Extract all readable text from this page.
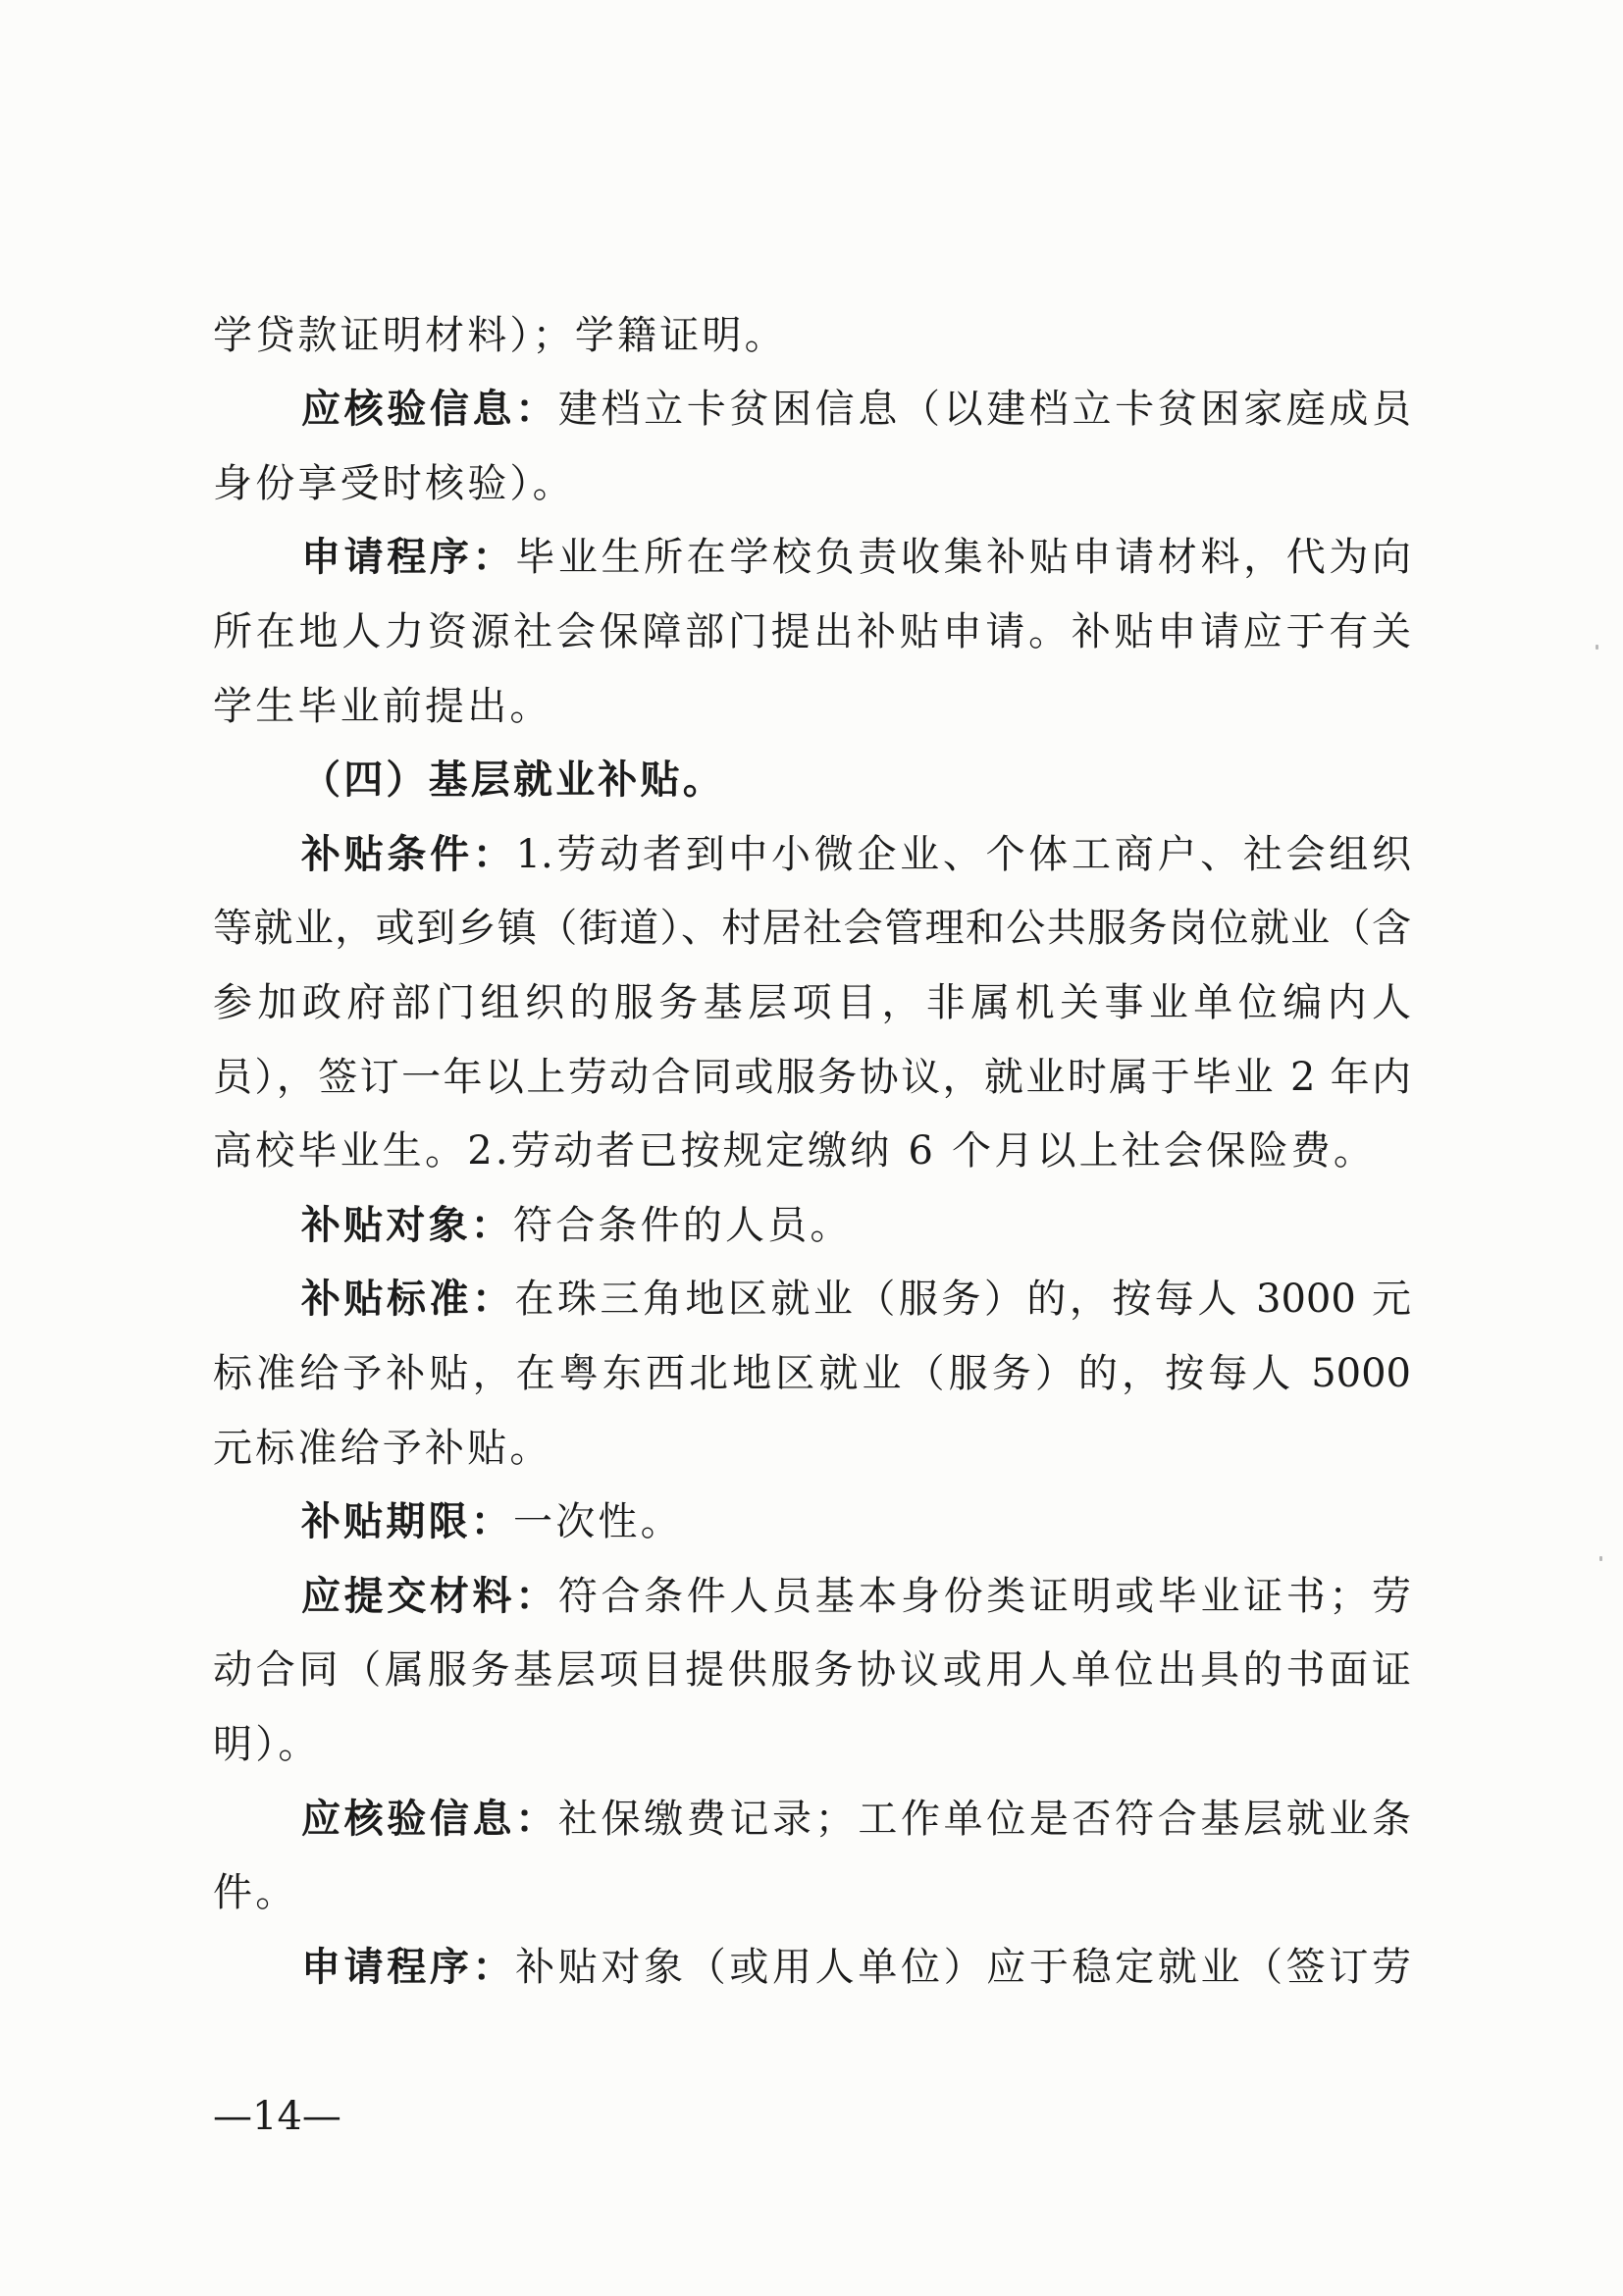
学贷款证明材料）；学籍证明。
应核验信息：建档立卡贫困信息（以建档立卡贫困家庭成员
身份享受时核验）。
申请程序：毕业生所在学校负责收集补贴申请材料，代为向
所在地人力资源社会保障部门提出补贴申请。补贴申请应于有关
学生毕业前提出。
（四）基层就业补贴。
补贴条件：1.劳动者到中小微企业、个体工商户、社会组织
等就业，或到乡镇（街道）、村居社会管理和公共服务岗位就业（含
参加政府部门组织的服务基层项目，非属机关事业单位编内人
员），签订一年以上劳动合同或服务协议，就业时属于毕业 2 年内
高校毕业生。2.劳动者已按规定缴纳 6 个月以上社会保险费。
补贴对象：符合条件的人员。
补贴标准：在珠三角地区就业（服务）的，按每人 3000 元
标准给予补贴，在粤东西北地区就业（服务）的，按每人 5000
元标准给予补贴。
补贴期限：一次性。
应提交材料：符合条件人员基本身份类证明或毕业证书；劳
动合同（属服务基层项目提供服务协议或用人单位出具的书面证
明）。
应核验信息：社保缴费记录；工作单位是否符合基层就业条
件。
申请程序：补贴对象（或用人单位）应于稳定就业（签订劳
—14—
